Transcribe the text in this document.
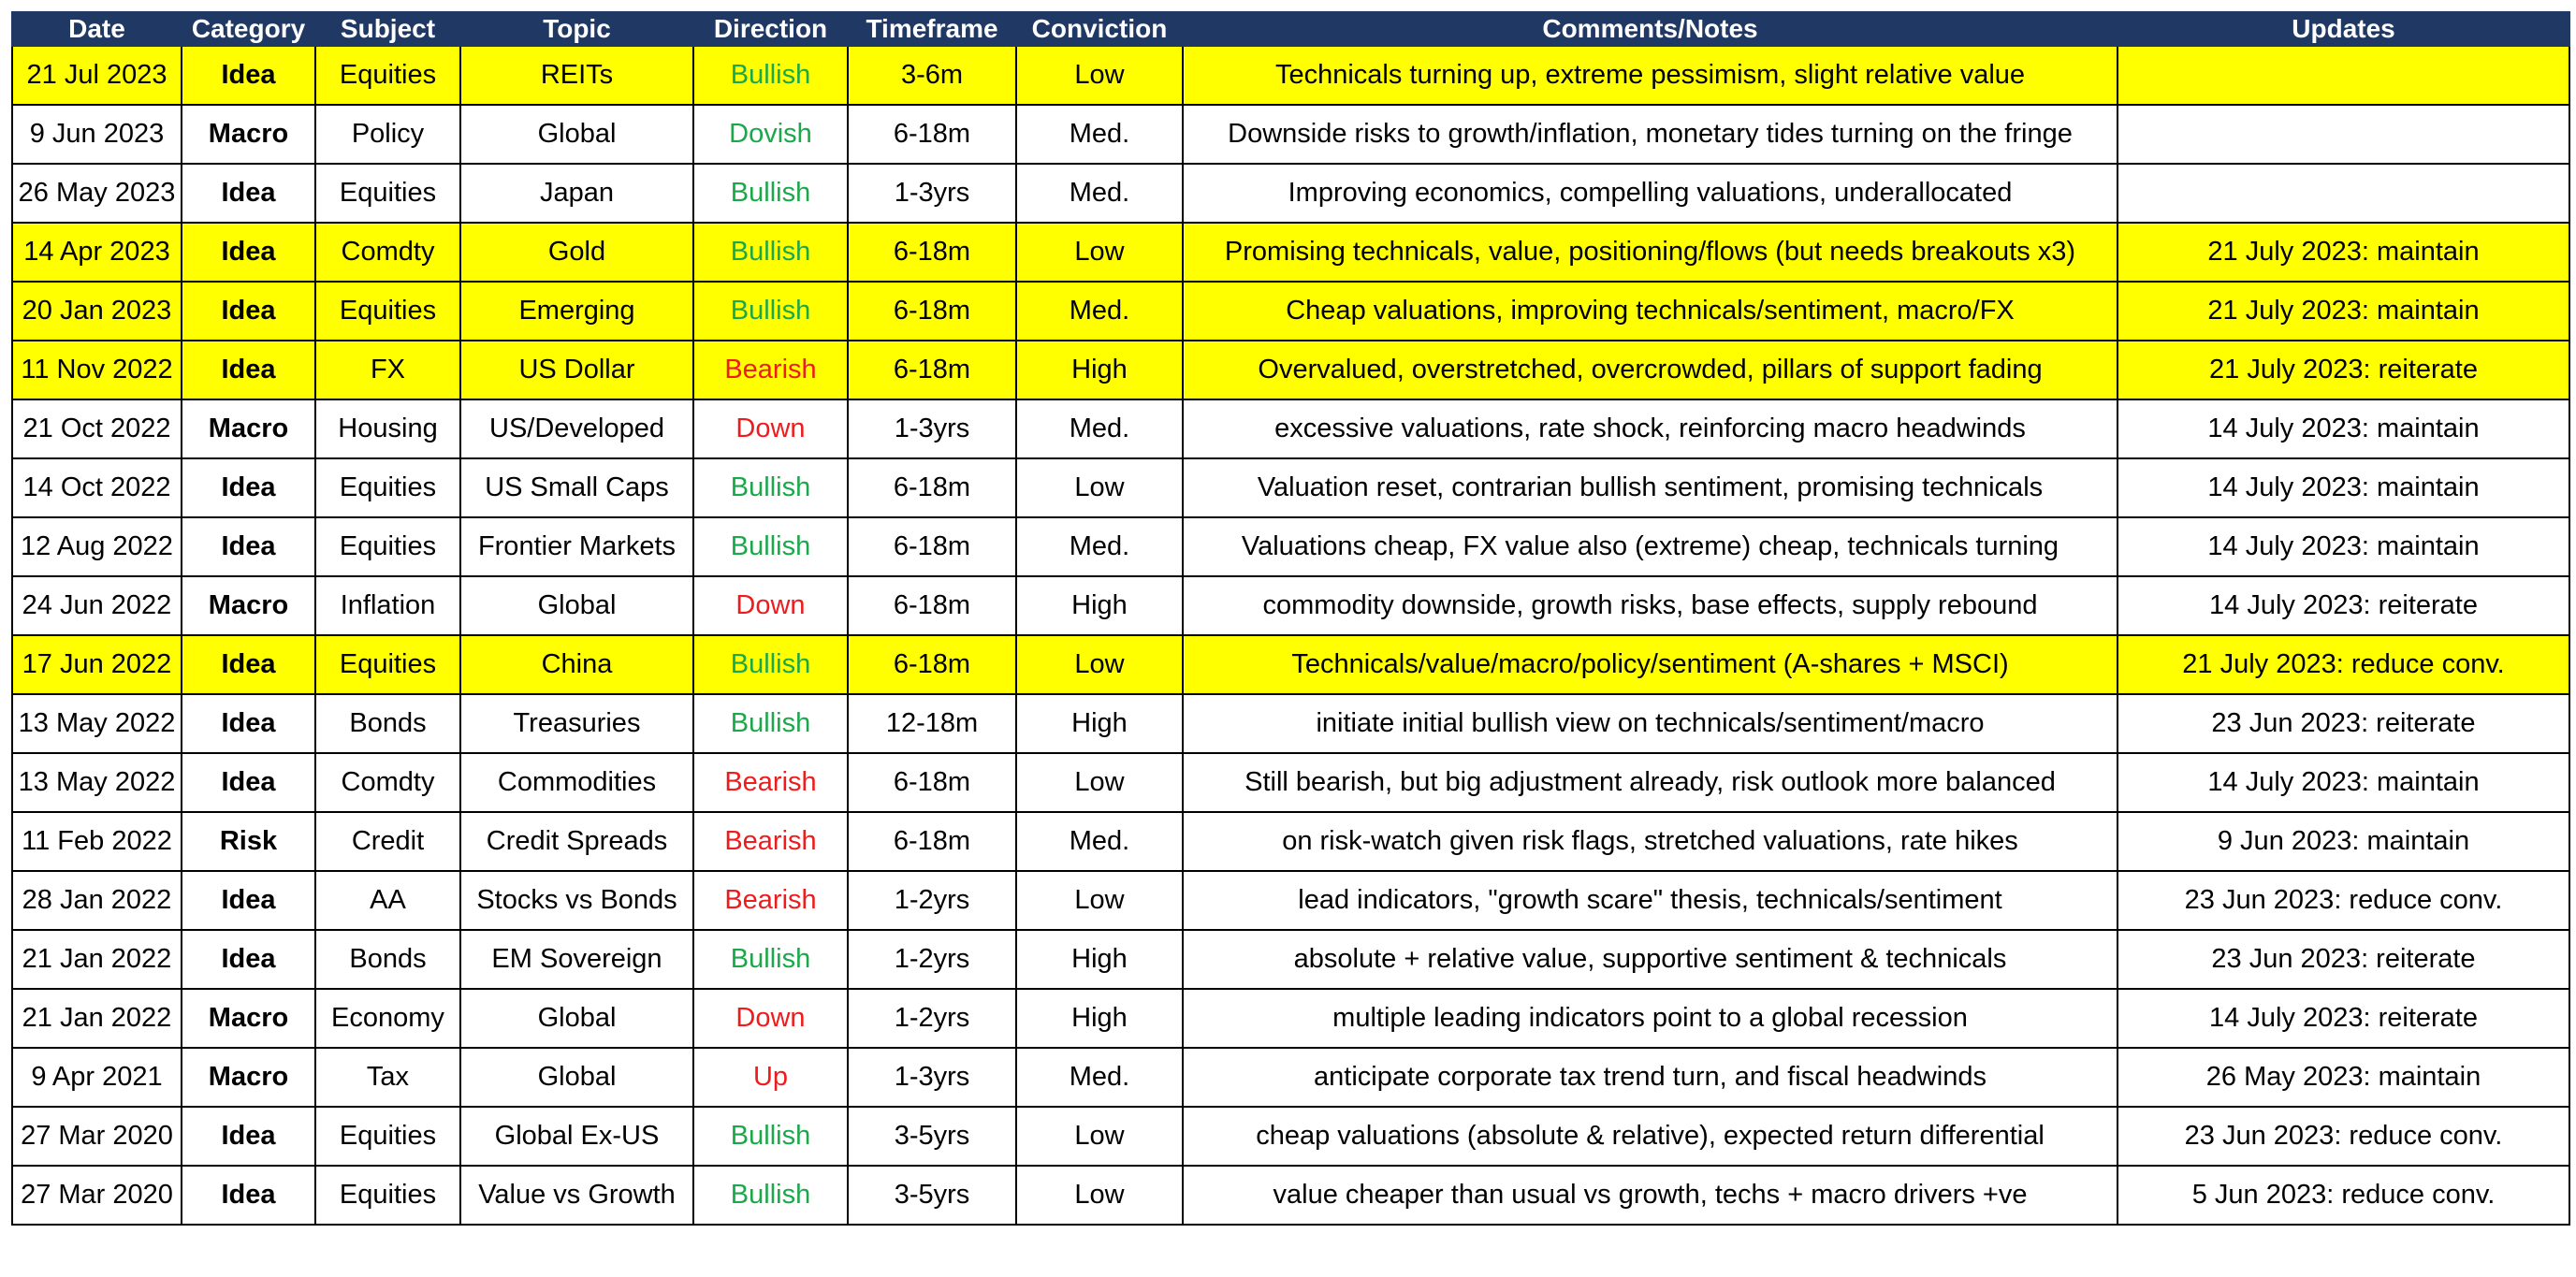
Date	Category	Subject	Topic	Direction	Timeframe	Conviction	Comments/Notes	Updates
21 Jul 2023	Idea	Equities	REITs	Bullish	3-6m	Low	Technicals turning up, extreme pessimism, slight relative value	
9 Jun 2023	Macro	Policy	Global	Dovish	6-18m	Med.	Downside risks to growth/inflation, monetary tides turning on the fringe	
26 May 2023	Idea	Equities	Japan	Bullish	1-3yrs	Med.	Improving economics, compelling valuations, underallocated	
14 Apr 2023	Idea	Comdty	Gold	Bullish	6-18m	Low	Promising technicals, value, positioning/flows (but needs breakouts x3)	21 July 2023: maintain
20 Jan 2023	Idea	Equities	Emerging	Bullish	6-18m	Med.	Cheap valuations, improving technicals/sentiment, macro/FX	21 July 2023: maintain
11 Nov 2022	Idea	FX	US Dollar	Bearish	6-18m	High	Overvalued, overstretched, overcrowded, pillars of support fading	21 July 2023: reiterate
21 Oct 2022	Macro	Housing	US/Developed	Down	1-3yrs	Med.	excessive valuations, rate shock, reinforcing macro headwinds	14 July 2023: maintain
14 Oct 2022	Idea	Equities	US Small Caps	Bullish	6-18m	Low	Valuation reset, contrarian bullish sentiment, promising technicals	14 July 2023: maintain
12 Aug 2022	Idea	Equities	Frontier Markets	Bullish	6-18m	Med.	Valuations cheap, FX value also (extreme) cheap, technicals turning	14 July 2023: maintain
24 Jun 2022	Macro	Inflation	Global	Down	6-18m	High	commodity downside, growth risks, base effects, supply rebound	14 July 2023: reiterate
17 Jun 2022	Idea	Equities	China	Bullish	6-18m	Low	Technicals/value/macro/policy/sentiment (A-shares + MSCI)	21 July 2023: reduce conv.
13 May 2022	Idea	Bonds	Treasuries	Bullish	12-18m	High	initiate initial bullish view on technicals/sentiment/macro	23 Jun 2023: reiterate
13 May 2022	Idea	Comdty	Commodities	Bearish	6-18m	Low	Still bearish, but big adjustment already, risk outlook more balanced	14 July 2023: maintain
11 Feb 2022	Risk	Credit	Credit Spreads	Bearish	6-18m	Med.	on risk-watch given risk flags, stretched valuations, rate hikes	9 Jun 2023: maintain
28 Jan 2022	Idea	AA	Stocks vs Bonds	Bearish	1-2yrs	Low	lead indicators, "growth scare" thesis, technicals/sentiment	23 Jun 2023: reduce conv.
21 Jan 2022	Idea	Bonds	EM Sovereign	Bullish	1-2yrs	High	absolute + relative value, supportive sentiment & technicals	23 Jun 2023: reiterate
21 Jan 2022	Macro	Economy	Global	Down	1-2yrs	High	multiple leading indicators point to a global recession	14 July 2023: reiterate
9 Apr 2021	Macro	Tax	Global	Up	1-3yrs	Med.	anticipate corporate tax trend turn, and fiscal headwinds	26 May 2023: maintain
27 Mar 2020	Idea	Equities	Global Ex-US	Bullish	3-5yrs	Low	cheap valuations (absolute & relative), expected return differential	23 Jun 2023: reduce conv.
27 Mar 2020	Idea	Equities	Value vs Growth	Bullish	3-5yrs	Low	value cheaper than usual vs growth, techs + macro drivers +ve	5 Jun 2023: reduce conv.
